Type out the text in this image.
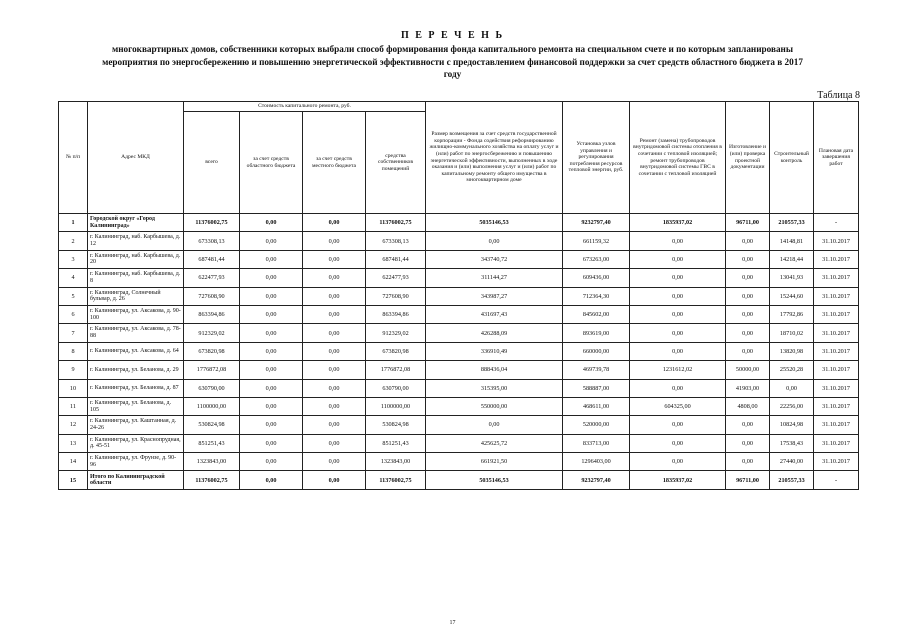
П Е Р Е Ч Е Н Ь
многоквартирных домов, собственники которых выбрали способ формирования фонда капитального ремонта на специальном счете и по которым запланированы
мероприятия по энергосбережению и повышению энергетической эффективности с предоставлением финансовой поддержки за счет средств областного бюджета в 2017
году
Таблица 8
№ п/п	Адрес МКД	Стоимость капитального ремонта, руб.				Размер возмещения за счет средств государственной корпорации - Фонда содействия реформированию жилищно-коммунального хозяйства на оплату услуг и (или) работ по энергосбережению и повышению энергетической эффективности, выполненных в ходе оказания и (или) выполнения услуг и (или) работ по капитальному ремонту общего имущества в многоквартирном доме	Установка узлов управления и регулирования потребления ресурсов тепловой энергии, руб.	Ремонт (замена) трубопроводов внутридомовой системы отопления в сочетании с тепловой изоляцией; ремонт трубопроводов внутридомовой системы ГВС в сочетании с тепловой изоляцией	Изготовление и (или) проверка проектной документации	Строительный контроль	Плановая дата завершения работ
		всего	за счет средств областного бюджета	за счет средств местного бюджета	средства собственников помещений						
1	Городской округ «Город Калининград»	11376002,75	0,00	0,00	11376002,75	5035146,53	9232797,40	1835937,02	96711,00	210557,33	-
2	г. Калининград, наб. Карбышева, д. 12	673308,13	0,00	0,00	673308,13	0,00	661159,32	0,00	0,00	14148,81	31.10.2017
3	г. Калининград, наб. Карбышева, д. 20	687481,44	0,00	0,00	687481,44	343740,72	673263,00	0,00	0,00	14218,44	31.10.2017
4	г. Калининград, наб. Карбышева, д. 8	622477,93	0,00	0,00	622477,93	311144,27	609436,00	0,00	0,00	13041,93	31.10.2017
5	г. Калининград, Солнечный бульвар, д. 26	727608,90	0,00	0,00	727608,90	343987,27	712364,30	0,00	0,00	15244,60	31.10.2017
6	г. Калининград, ул. Аксакова, д. 90-100	863394,86	0,00	0,00	863394,86	431697,43	845602,00	0,00	0,00	17792,86	31.10.2017
7	г. Калининград, ул. Аксакова, д. 78-88	912329,02	0,00	0,00	912329,02	426288,09	893619,00	0,00	0,00	18710,02	31.10.2017
8	г. Калининград, ул. Аксакова, д. 64	673820,98	0,00	0,00	673820,98	336910,49	660000,00	0,00	0,00	13820,98	31.10.2017
9	г. Калининград, ул. Беланова, д. 29	1776872,08	0,00	0,00	1776872,08	888436,04	469739,78	1231612,02	50000,00	25520,28	31.10.2017
10	г. Калининград, ул. Беланова, д. 87	630790,00	0,00	0,00	630790,00	315395,00	588887,00	0,00	41903,00	0,00	31.10.2017
11	г. Калининград, ул. Беланова, д. 105	1100000,00	0,00	0,00	1100000,00	550000,00	468611,00	604325,00	4808,00	22256,00	31.10.2017
12	г. Калининград, ул. Каштанная, д. 24-26	530824,98	0,00	0,00	530824,98	0,00	520000,00	0,00	0,00	10824,98	31.10.2017
13	г. Калининград, ул. Краснопрудная, д. 45-51	851251,43	0,00	0,00	851251,43	425625,72	833713,00	0,00	0,00	17538,43	31.10.2017
14	г. Калининград, ул. Фрунзе, д. 90-96	1323843,00	0,00	0,00	1323843,00	661921,50	1296403,00	0,00	0,00	27440,00	31.10.2017
15	Итого по Калининградской области	11376002,75	0,00	0,00	11376002,75	5035146,53	9232797,40	1835937,02	96711,00	210557,33	-
17
